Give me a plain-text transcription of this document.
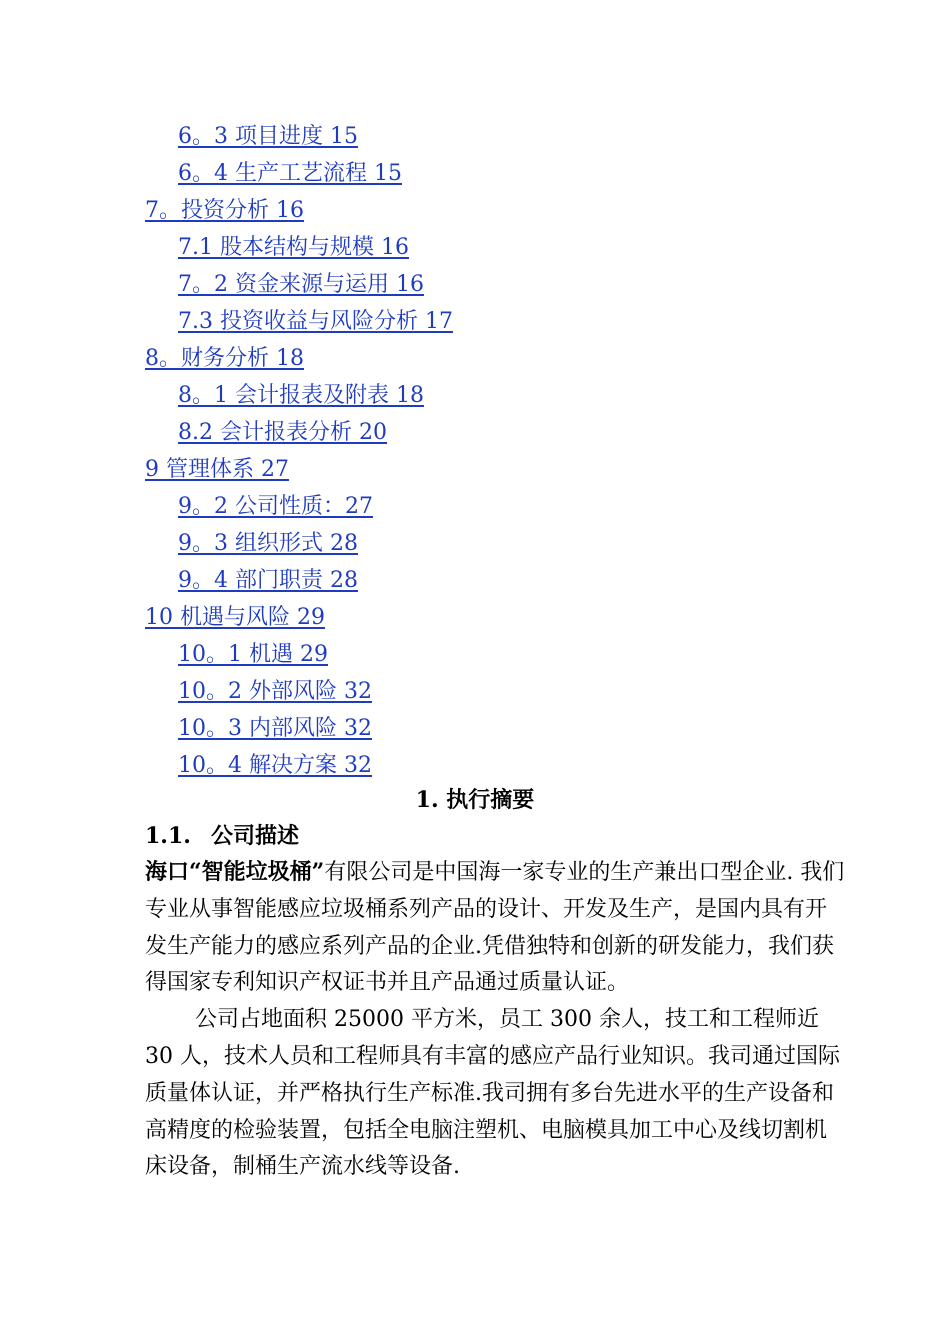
6。3 项目进度 15
6。4 生产工艺流程 15
7。投资分析 16
7.1 股本结构与规模 16
7。2 资金来源与运用 16
7.3 投资收益与风险分析 17
8。财务分析 18
8。1 会计报表及附表 18
8.2 会计报表分析 20
9 管理体系 27
9。2 公司性质：27
9。3 组织形式 28
9。4 部门职责 28
10 机遇与风险 29
10。1 机遇 29
10。2 外部风险 32
10。3 内部风险 32
10。4 解决方案 32
1. 执行摘要
1.1. 公司描述

海口“智能垃圾桶”有限公司是中国海一家专业的生产兼出口型企业. 我们专业从事智能感应垃圾桶系列产品的设计、开发及生产，是国内具有开发生产能力的感应系列产品的企业.凭借独特和创新的研发能力，我们获得国家专利知识产权证书并且产品通过质量认证。

公司占地面积 25000 平方米，员工 300 余人，技工和工程师近 30 人，技术人员和工程师具有丰富的感应产品行业知识。我司通过国际质量体认证，并严格执行生产标准.我司拥有多台先进水平的生产设备和高精度的检验装置，包括全电脑注塑机、电脑模具加工中心及线切割机床设备，制桶生产流水线等设备.
